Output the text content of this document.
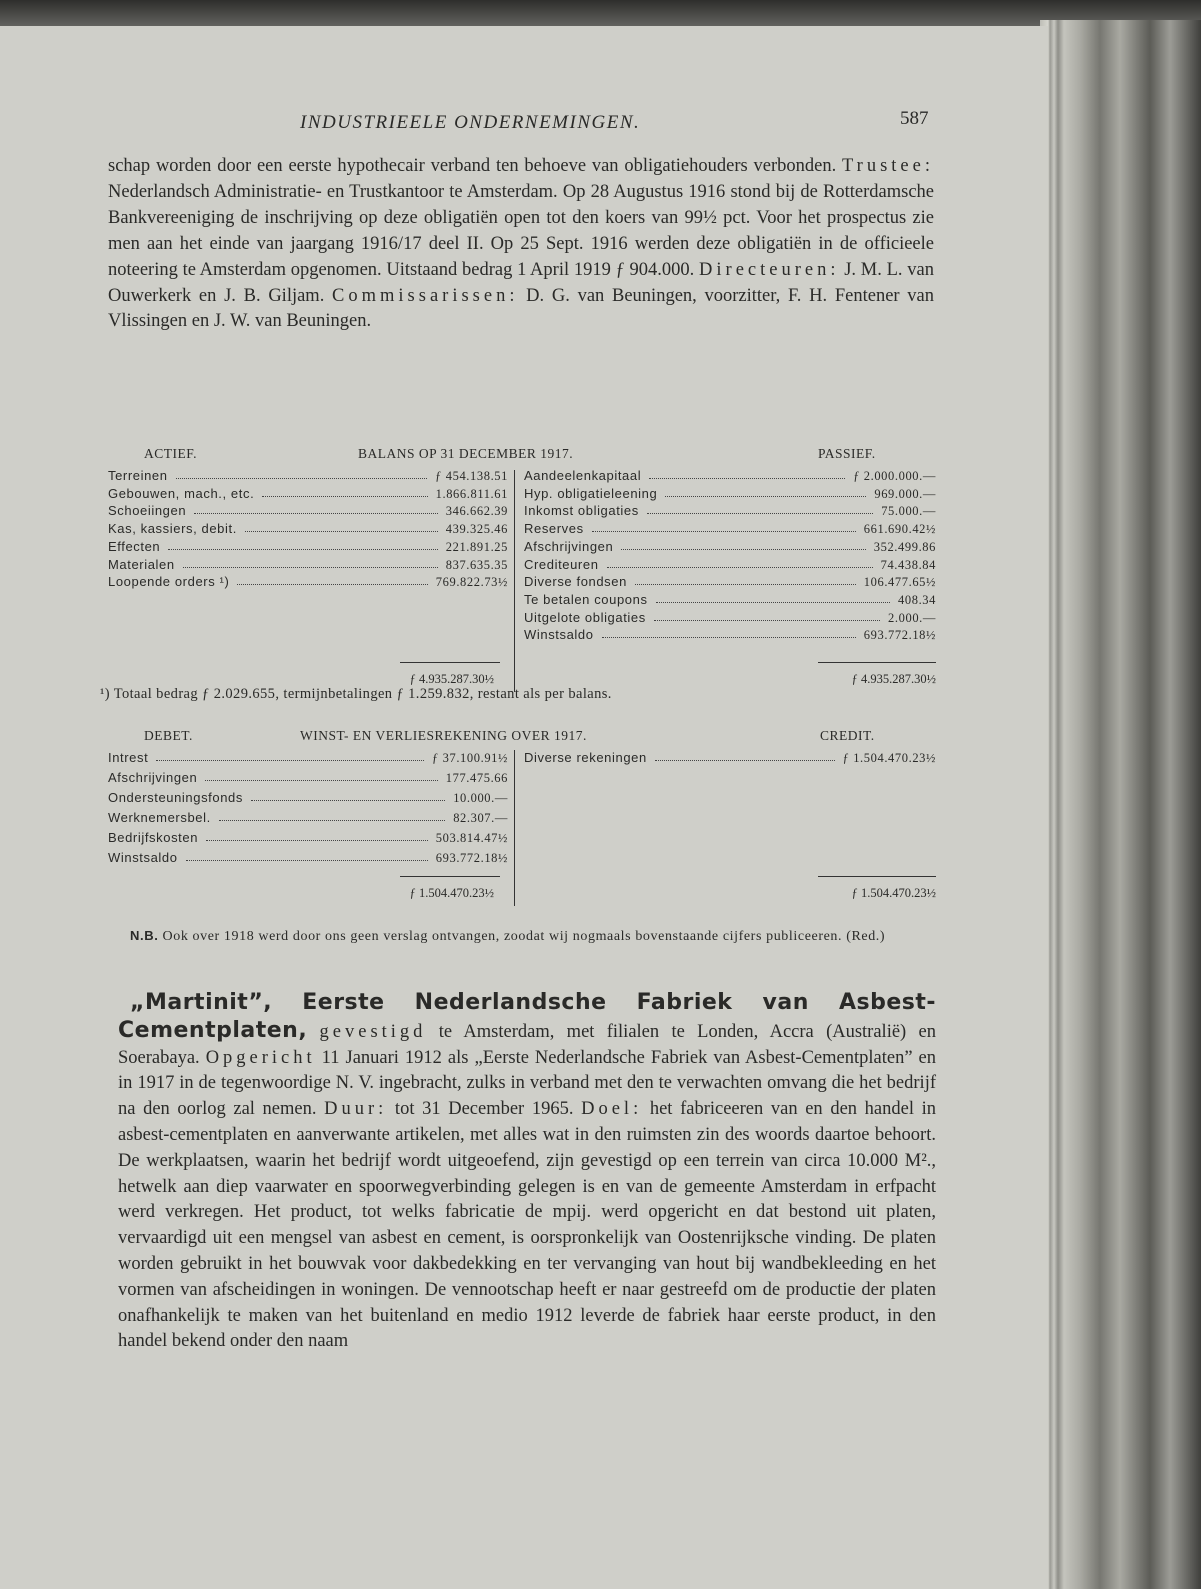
INDUSTRIEELE ONDERNEMINGEN.	587

schap worden door een eerste hypothecair verband ten behoeve van obligatiehouders verbonden. Trustee: Nederlandsch Administratie- en Trustkantoor te Amsterdam. Op 28 Augustus 1916 stond bij de Rotterdamsche Bankvereeniging de inschrijving op deze obligatiën open tot den koers van 99½ pct. Voor het prospectus zie men aan het einde van jaargang 1916/17 deel II. Op 25 Sept. 1916 werden deze obligatiën in de officieele noteering te Amsterdam opgenomen. Uitstaand bedrag 1 April 1919 ƒ 904.000. Directeuren: J. M. L. van Ouwerkerk en J. B. Giljam. Commissarissen: D. G. van Beuningen, voorzitter, F. H. Fentener van Vlissingen en J. W. van Beuningen.

ACTIEF.	BALANS OP 31 DECEMBER 1917.	PASSIEF.
Terreinen	ƒ 454.138.51
Gebouwen, mach., etc.	1.866.811.61
Schoeiingen	346.662.39
Kas, kassiers, debit.	439.325.46
Effecten	221.891.25
Materialen	837.635.35
Loopende orders ¹)	769.822.73½
Aandeelenkapitaal	ƒ 2.000.000.—
Hyp. obligatieleening	969.000.—
Inkomst obligaties	75.000.—
Reserves	661.690.42½
Afschrijvingen	352.499.86
Crediteuren	74.438.84
Diverse fondsen	106.477.65½
Te betalen coupons	408.34
Uitgelote obligaties	2.000.—
Winstsaldo	693.772.18½
ƒ 4.935.287.30½	ƒ 4.935.287.30½
¹) Totaal bedrag ƒ 2.029.655, termijnbetalingen ƒ 1.259.832, restant als per balans.
DEBET.	WINST- EN VERLIESREKENING OVER 1917.	CREDIT.
Intrest	ƒ 37.100.91½
Afschrijvingen	177.475.66
Ondersteuningsfonds	10.000.—
Werknemersbel.	82.307.—
Bedrijfskosten	503.814.47½
Winstsaldo	693.772.18½
Diverse rekeningen	ƒ 1.504.470.23½
ƒ 1.504.470.23½	ƒ 1.504.470.23½
N.B. Ook over 1918 werd door ons geen verslag ontvangen, zoodat wij nogmaals bovenstaande cijfers publiceeren. (Red.)

„Martinit”, Eerste Nederlandsche Fabriek van Asbest-Cementplaten, gevestigd te Amsterdam, met filialen te Londen, Accra (Australië) en Soerabaya. Opgericht 11 Januari 1912 als „Eerste Nederlandsche Fabriek van Asbest-Cementplaten” en in 1917 in de tegenwoordige N. V. ingebracht, zulks in verband met den te verwachten omvang die het bedrijf na den oorlog zal nemen. Duur: tot 31 December 1965. Doel: het fabriceeren van en den handel in asbest-cementplaten en aanverwante artikelen, met alles wat in den ruimsten zin des woords daartoe behoort. De werkplaatsen, waarin het bedrijf wordt uitgeoefend, zijn gevestigd op een terrein van circa 10.000 M²., hetwelk aan diep vaarwater en spoorwegverbinding gelegen is en van de gemeente Amsterdam in erfpacht werd verkregen. Het product, tot welks fabricatie de mpij. werd opgericht en dat bestond uit platen, vervaardigd uit een mengsel van asbest en cement, is oorspronkelijk van Oostenrijksche vinding. De platen worden gebruikt in het bouwvak voor dakbedekking en ter vervanging van hout bij wandbekleeding en het vormen van afscheidingen in woningen. De vennootschap heeft er naar gestreefd om de productie der platen onafhankelijk te maken van het buitenland en medio 1912 leverde de fabriek haar eerste product, in den handel bekend onder den naam
